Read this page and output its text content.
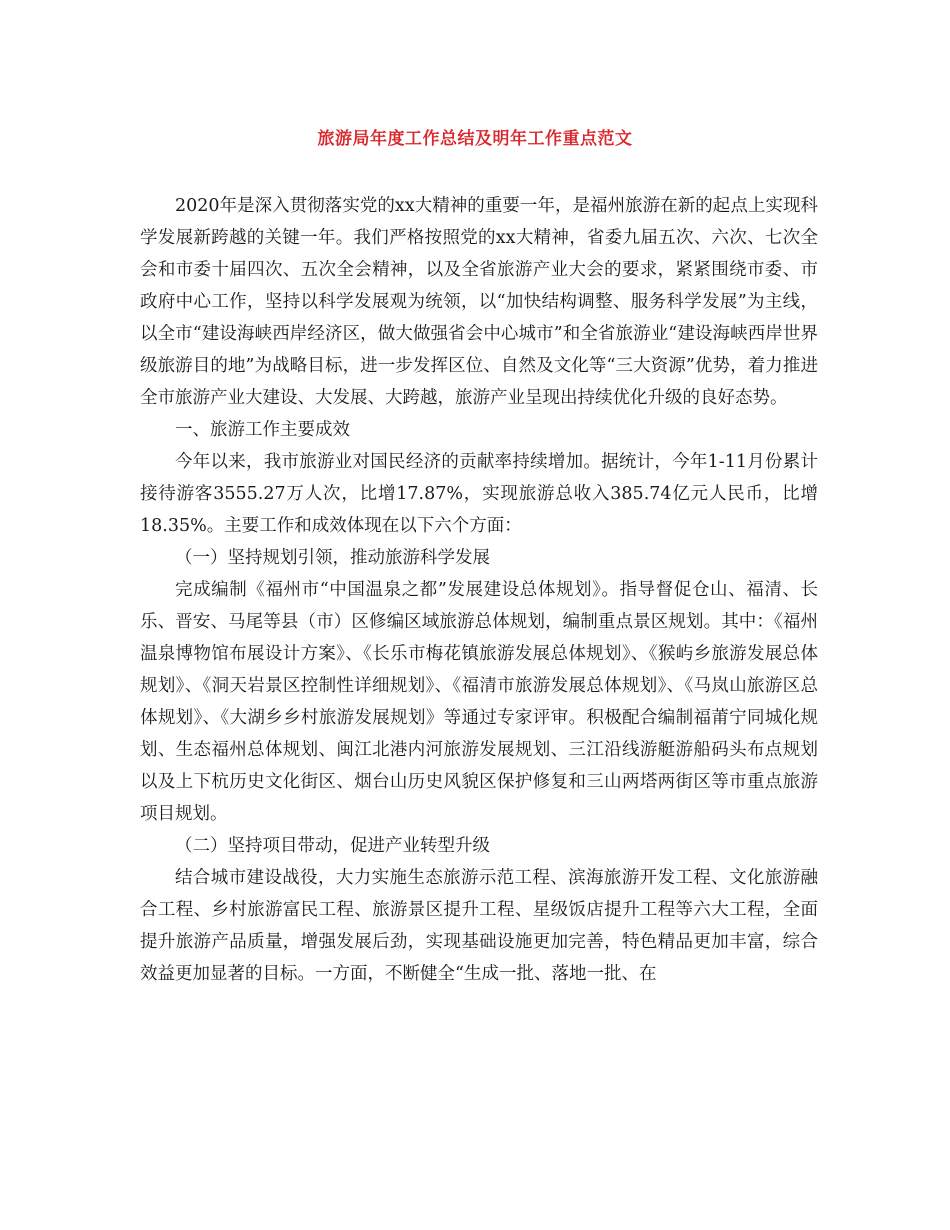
旅游局年度工作总结及明年工作重点范文

2020年是深入贯彻落实党的xx大精神的重要一年，是福州旅游在新的起点上实现科学发展新跨越的关键一年。我们严格按照党的xx大精神，省委九届五次、六次、七次全会和市委十届四次、五次全会精神，以及全省旅游产业大会的要求，紧紧围绕市委、市政府中心工作，坚持以科学发展观为统领，以“加快结构调整、服务科学发展”为主线，以全市“建设海峡西岸经济区，做大做强省会中心城市”和全省旅游业“建设海峡西岸世界级旅游目的地”为战略目标，进一步发挥区位、自然及文化等“三大资源”优势，着力推进全市旅游产业大建设、大发展、大跨越，旅游产业呈现出持续优化升级的良好态势。

一、旅游工作主要成效

今年以来，我市旅游业对国民经济的贡献率持续增加。据统计，今年1-11月份累计接待游客3555.27万人次，比增17.87%，实现旅游总收入385.74亿元人民币，比增18.35%。主要工作和成效体现在以下六个方面：

（一）坚持规划引领，推动旅游科学发展

完成编制《福州市“中国温泉之都”发展建设总体规划》。指导督促仓山、福清、长乐、晋安、马尾等县（市）区修编区域旅游总体规划，编制重点景区规划。其中：《福州温泉博物馆布展设计方案》、《长乐市梅花镇旅游发展总体规划》、《猴屿乡旅游发展总体规划》、《洞天岩景区控制性详细规划》、《福清市旅游发展总体规划》、《马岚山旅游区总体规划》、《大湖乡乡村旅游发展规划》等通过专家评审。积极配合编制福莆宁同城化规划、生态福州总体规划、闽江北港内河旅游发展规划、三江沿线游艇游船码头布点规划以及上下杭历史文化街区、烟台山历史风貌区保护修复和三山两塔两街区等市重点旅游项目规划。

（二）坚持项目带动，促进产业转型升级

结合城市建设战役，大力实施生态旅游示范工程、滨海旅游开发工程、文化旅游融合工程、乡村旅游富民工程、旅游景区提升工程、星级饭店提升工程等六大工程，全面提升旅游产品质量，增强发展后劲，实现基础设施更加完善，特色精品更加丰富，综合效益更加显著的目标。一方面，不断健全“生成一批、落地一批、在
